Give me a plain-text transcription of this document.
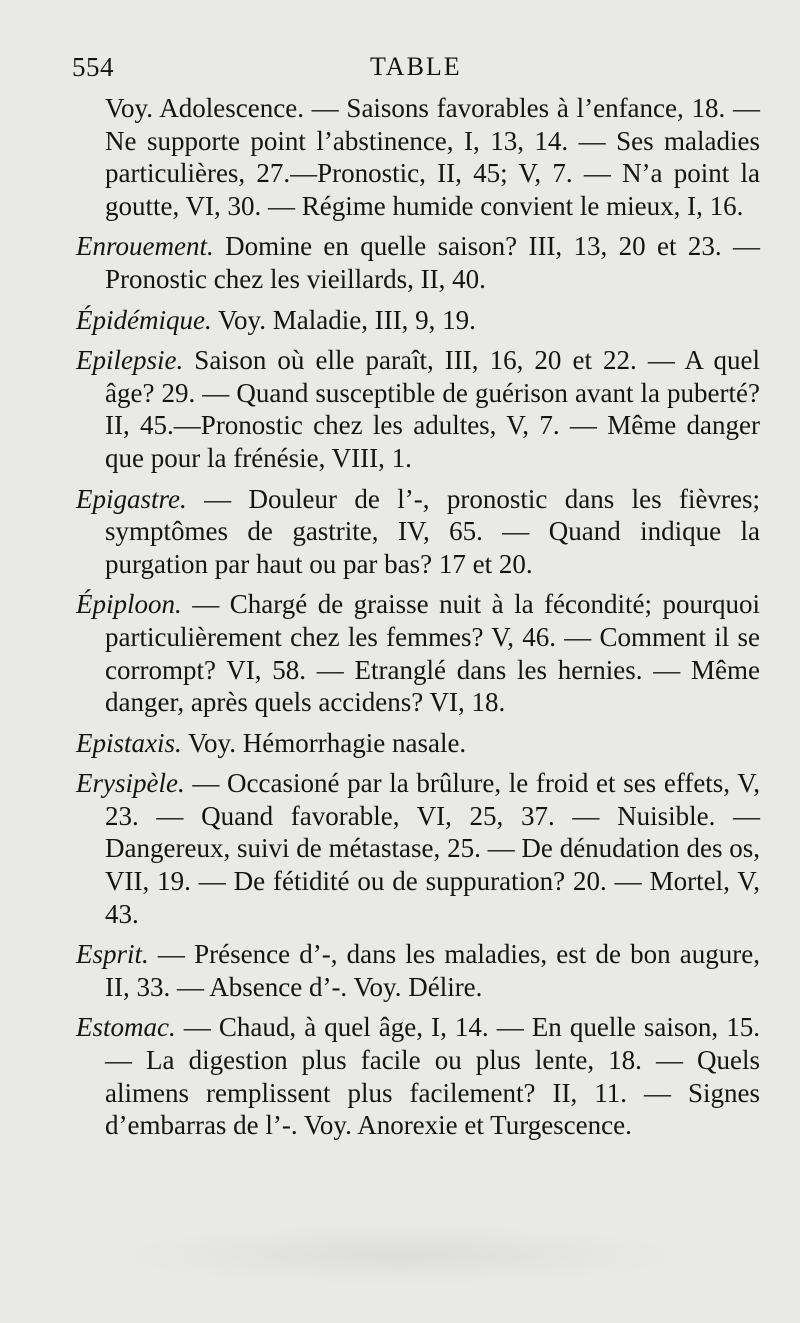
554	TABLE

Voy. Adolescence. — Saisons favorables à l’enfance, 18. — Ne supporte point l’abstinence, I, 13, 14. — Ses maladies particulières, 27.—Pronostic, II, 45; V, 7. — N’a point la goutte, VI, 30. — Régime humide convient le mieux, I, 16.

Enrouement. Domine en quelle saison? III, 13, 20 et 23. — Pronostic chez les vieillards, II, 40.

Épidémique. Voy. Maladie, III, 9, 19.

Epilepsie. Saison où elle paraît, III, 16, 20 et 22. — A quel âge? 29. — Quand susceptible de guérison avant la puberté? II, 45.—Pronostic chez les adultes, V, 7. — Même danger que pour la frénésie, VIII, 1.

Epigastre. — Douleur de l’-, pronostic dans les fièvres; symptômes de gastrite, IV, 65. — Quand indique la purgation par haut ou par bas? 17 et 20.

Épiploon. — Chargé de graisse nuit à la fécondité; pourquoi particulièrement chez les femmes? V, 46. — Comment il se corrompt? VI, 58. — Etranglé dans les hernies. — Même danger, après quels accidens? VI, 18.

Epistaxis. Voy. Hémorrhagie nasale.

Erysipèle. — Occasioné par la brûlure, le froid et ses effets, V, 23. — Quand favorable, VI, 25, 37. — Nuisible. — Dangereux, suivi de métastase, 25. — De dénudation des os, VII, 19. — De fétidité ou de suppuration? 20. — Mortel, V, 43.

Esprit. — Présence d’-, dans les maladies, est de bon augure, II, 33. — Absence d’-. Voy. Délire.

Estomac. — Chaud, à quel âge, I, 14. — En quelle saison, 15. — La digestion plus facile ou plus lente, 18. — Quels alimens remplissent plus facilement? II, 11. — Signes d’embarras de l’-. Voy. Anorexie et Turgescence.
